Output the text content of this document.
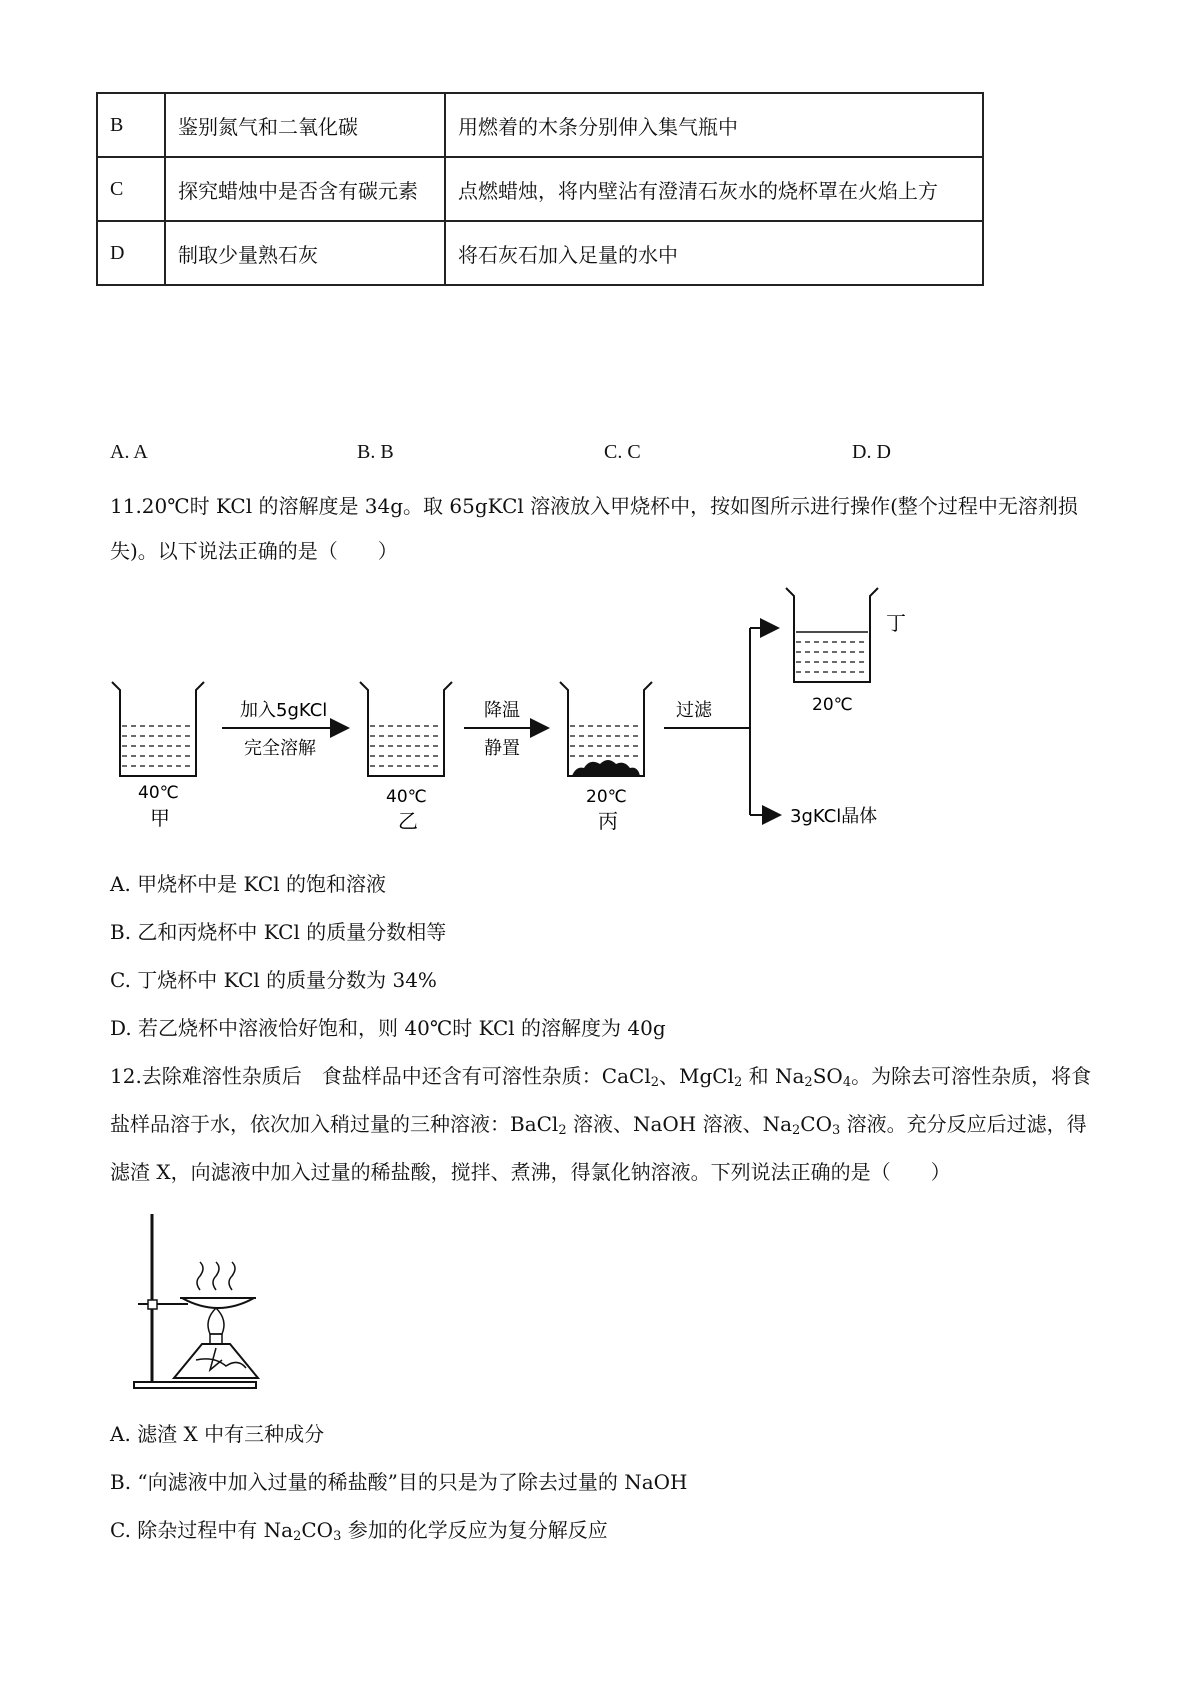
B	鉴别氮气和二氧化碳	用燃着的木条分别伸入集气瓶中
C	探究蜡烛中是否含有碳元素	点燃蜡烛，将内壁沾有澄清石灰水的烧杯罩在火焰上方
D	制取少量熟石灰	将石灰石加入足量的水中
A. A	B. B	C. C	D. D
11.20℃时 KCl 的溶解度是 34g。取 65gKCl 溶液放入甲烧杯中，按如图所示进行操作(整个过程中无溶剂损
失)。以下说法正确的是（　　）
40℃
甲
加入5gKCl
完全溶解
40℃
乙
降温
静置
20℃
丙
过滤	20℃
丁
3gKCl晶体
A. 甲烧杯中是 KCl 的饱和溶液
B. 乙和丙烧杯中 KCl 的质量分数相等
C. 丁烧杯中 KCl 的质量分数为 34%
D. 若乙烧杯中溶液恰好饱和，则 40℃时 KCl 的溶解度为 40g
12.去除难溶性杂质后　食盐样品中还含有可溶性杂质：CaCl$_2$、MgCl$_2$ 和 $Na_2SO_4$。为除去可溶性杂质，将食
盐样品溶于水，依次加入稍过量的三种溶液：BaCl$_2$ 溶液、NaOH 溶液、$Na_2CO_3$ 溶液。充分反应后过滤，得
滤渣 X，向滤液中加入过量的稀盐酸，搅拌、煮沸，得氯化钠溶液。下列说法正确的是（　　）
A. 滤渣 X 中有三种成分
B. “向滤液中加入过量的稀盐酸”目的只是为了除去过量的 NaOH
C. 除杂过程中有 $Na_2CO_3$ 参加的化学反应为复分解反应
